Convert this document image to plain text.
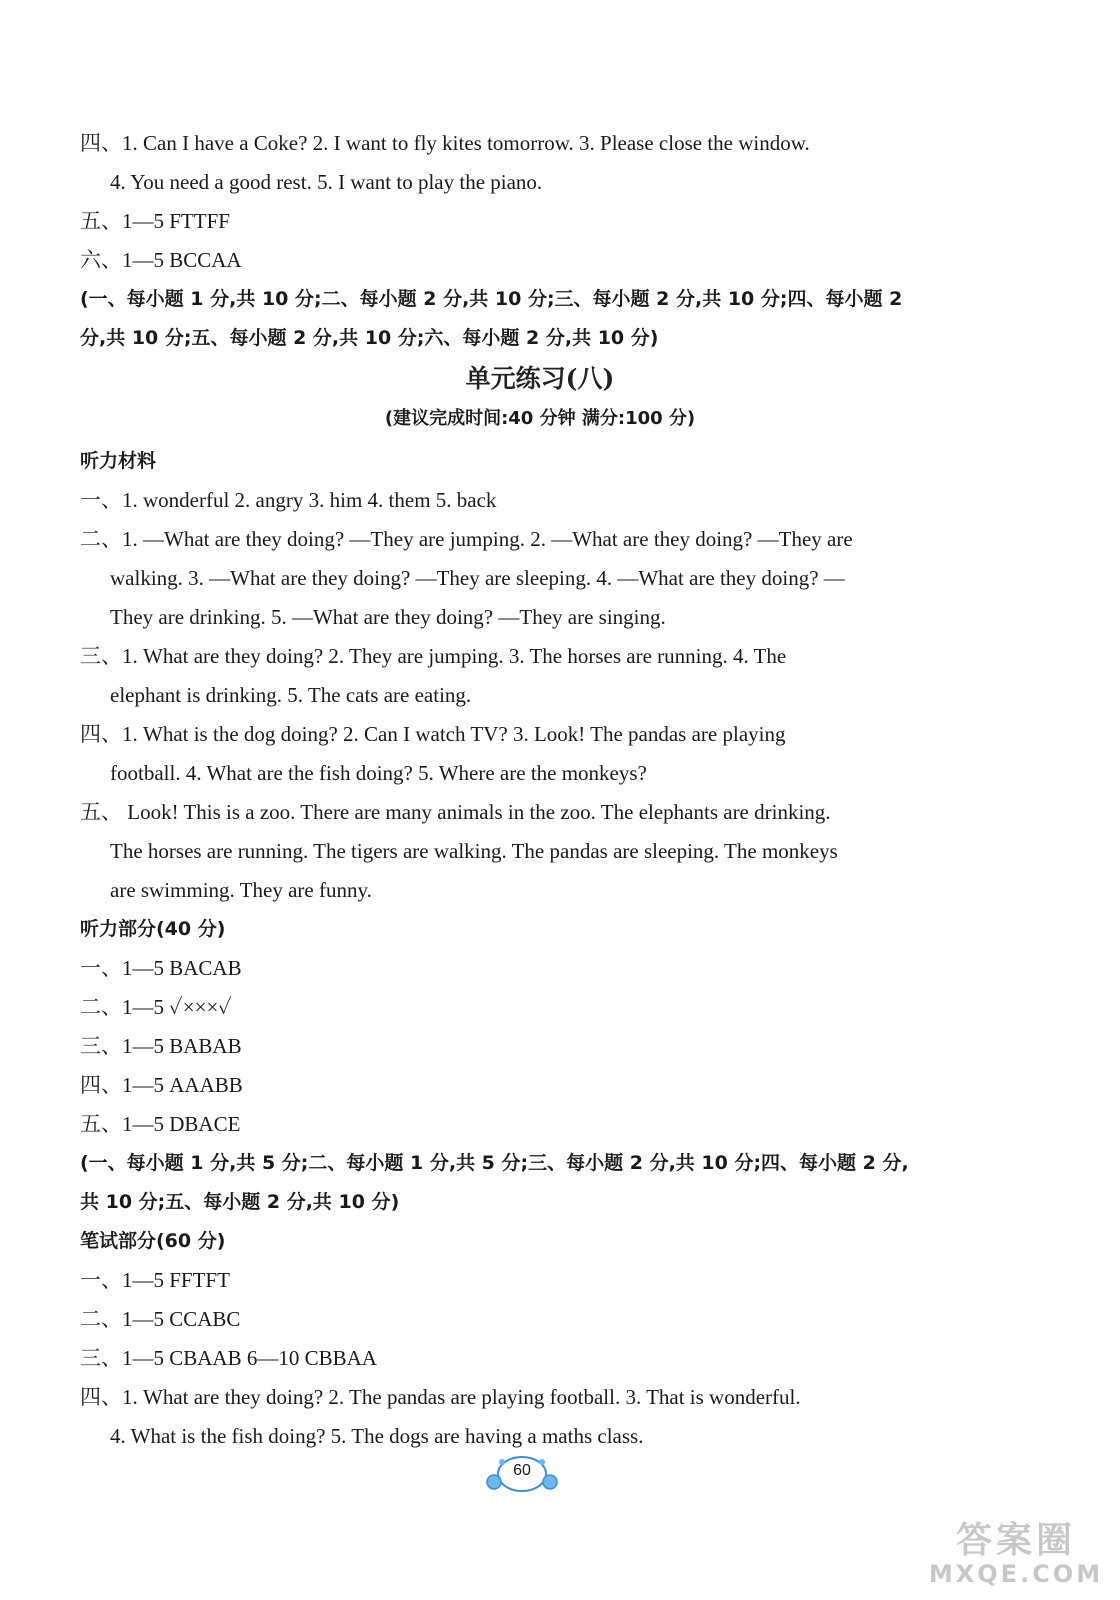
四、1. Can I have a Coke? 2. I want to fly kites tomorrow. 3. Please close the window.
4. You need a good rest. 5. I want to play the piano.
五、1—5 FTTFF
六、1—5 BCCAA
(一、每小题 1 分,共 10 分;二、每小题 2 分,共 10 分;三、每小题 2 分,共 10 分;四、每小题 2
分,共 10 分;五、每小题 2 分,共 10 分;六、每小题 2 分,共 10 分)
单元练习(八)
(建议完成时间:40 分钟 满分:100 分)
听力材料
一、1. wonderful 2. angry 3. him 4. them 5. back
二、1. —What are they doing? —They are jumping. 2. —What are they doing? —They are
walking. 3. —What are they doing? —They are sleeping. 4. —What are they doing? —
They are drinking. 5. —What are they doing? —They are singing.
三、1. What are they doing? 2. They are jumping. 3. The horses are running. 4. The
elephant is drinking. 5. The cats are eating.
四、1. What is the dog doing? 2. Can I watch TV? 3. Look! The pandas are playing
football. 4. What are the fish doing? 5. Where are the monkeys?
五、 Look! This is a zoo. There are many animals in the zoo. The elephants are drinking.
The horses are running. The tigers are walking. The pandas are sleeping. The monkeys
are swimming. They are funny.
听力部分(40 分)
一、1—5 BACAB
二、1—5 ✓×××✓
三、1—5 BABAB
四、1—5 AAABB
五、1—5 DBACE
(一、每小题 1 分,共 5 分;二、每小题 1 分,共 5 分;三、每小题 2 分,共 10 分;四、每小题 2 分,
共 10 分;五、每小题 2 分,共 10 分)
笔试部分(60 分)
一、1—5 FFTFT
二、1—5 CCABC
三、1—5 CBAAB 6—10 CBBAA
四、1. What are they doing? 2. The pandas are playing football. 3. That is wonderful.
4. What is the fish doing? 5. The dogs are having a maths class.
60
答案圈
MXQE.COM
